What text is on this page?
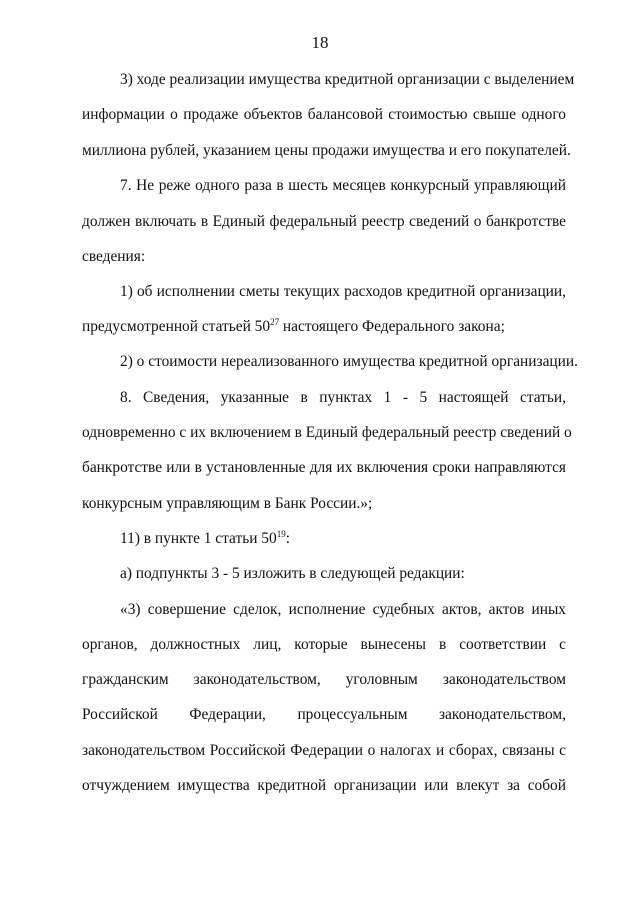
18
3) ходе реализации имущества кредитной организации с выделением
информации о продаже объектов балансовой стоимостью свыше одного
миллиона рублей, указанием цены продажи имущества и его покупателей.
7. Не реже одного раза в шесть месяцев конкурсный управляющий
должен включать в Единый федеральный реестр сведений о банкротстве
сведения:
1) об исполнении сметы текущих расходов кредитной организации,
предусмотренной статьей $50^{27}$ настоящего Федерального закона;
2) о стоимости нереализованного имущества кредитной организации.
8. Сведения, указанные в пунктах 1 - 5 настоящей статьи,
одновременно с их включением в Единый федеральный реестр сведений о
банкротстве или в установленные для их включения сроки направляются
конкурсным управляющим в Банк России.»;
11) в пункте 1 статьи $50^{19}$:
а) подпункты 3 - 5 изложить в следующей редакции:
«3) совершение сделок, исполнение судебных актов, актов иных
органов, должностных лиц, которые вынесены в соответствии с
гражданским законодательством, уголовным законодательством
Российской Федерации, процессуальным законодательством,
законодательством Российской Федерации о налогах и сборах, связаны с
отчуждением имущества кредитной организации или влекут за собой
